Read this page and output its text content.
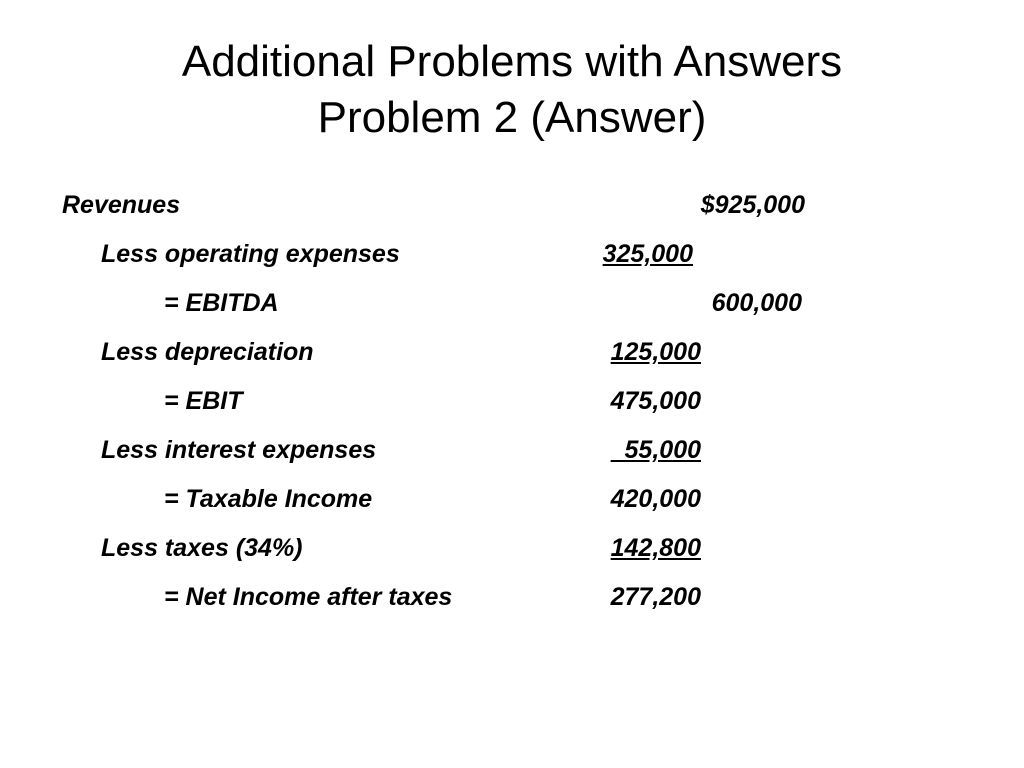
Additional Problems with Answers
Problem 2 (Answer)
Revenues	$925,000
Less operating expenses	325,000
= EBITDA	600,000
Less depreciation	125,000
= EBIT	475,000
Less interest expenses	55,000
= Taxable Income	420,000
Less taxes (34%)	142,800
= Net Income after taxes	277,200
